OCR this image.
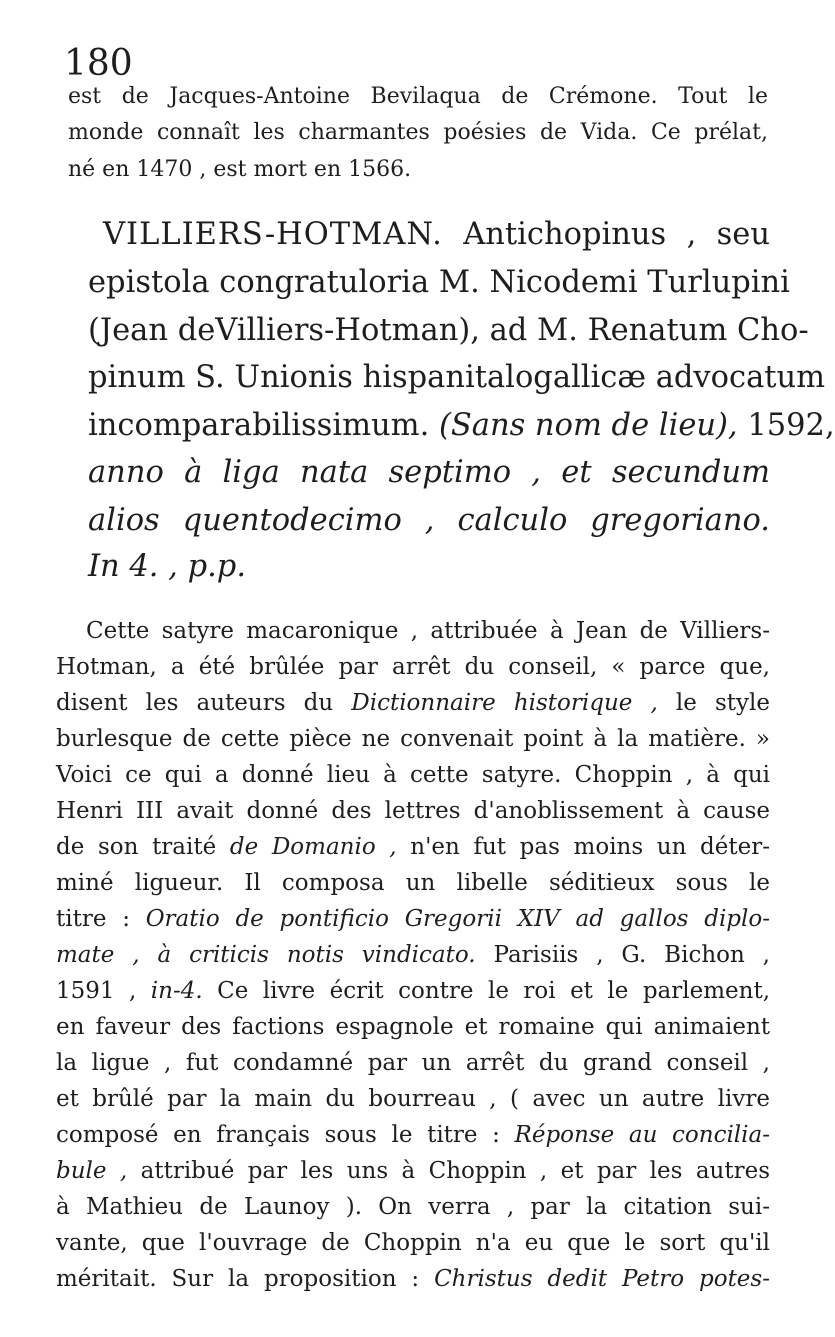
180
est de Jacques-Antoine Bevilaqua de Crémone. Tout le
monde connaît les charmantes poésies de Vida. Ce prélat,
né en 1470 , est mort en 1566.
VILLIERS-HOTMAN. Antichopinus , seu
epistola congratuloria M. Nicodemi Turlupini
(Jean deVilliers-Hotman), ad M. Renatum Cho-
pinum S. Unionis hispanitalogallicæ advocatum
incomparabilissimum. (Sans nom de lieu), 1592,
anno à liga nata septimo , et secundum
alios quentodecimo , calculo gregoriano.
In 4. , p.p.
Cette satyre macaronique , attribuée à Jean de Villiers-
Hotman, a été brûlée par arrêt du conseil, « parce que,
disent les auteurs du Dictionnaire historique , le style
burlesque de cette pièce ne convenait point à la matière. »
Voici ce qui a donné lieu à cette satyre. Choppin , à qui
Henri III avait donné des lettres d'anoblissement à cause
de son traité de Domanio , n'en fut pas moins un déter-
miné ligueur. Il composa un libelle séditieux sous le
titre : Oratio de pontificio Gregorii XIV ad gallos diplo-
mate , à criticis notis vindicato. Parisiis , G. Bichon ,
1591 , in-4. Ce livre écrit contre le roi et le parlement,
en faveur des factions espagnole et romaine qui animaient
la ligue , fut condamné par un arrêt du grand conseil ,
et brûlé par la main du bourreau , ( avec un autre livre
composé en français sous le titre : Réponse au concilia-
bule , attribué par les uns à Choppin , et par les autres
à Mathieu de Launoy ). On verra , par la citation sui-
vante, que l'ouvrage de Choppin n'a eu que le sort qu'il
méritait. Sur la proposition : Christus dedit Petro potes-
